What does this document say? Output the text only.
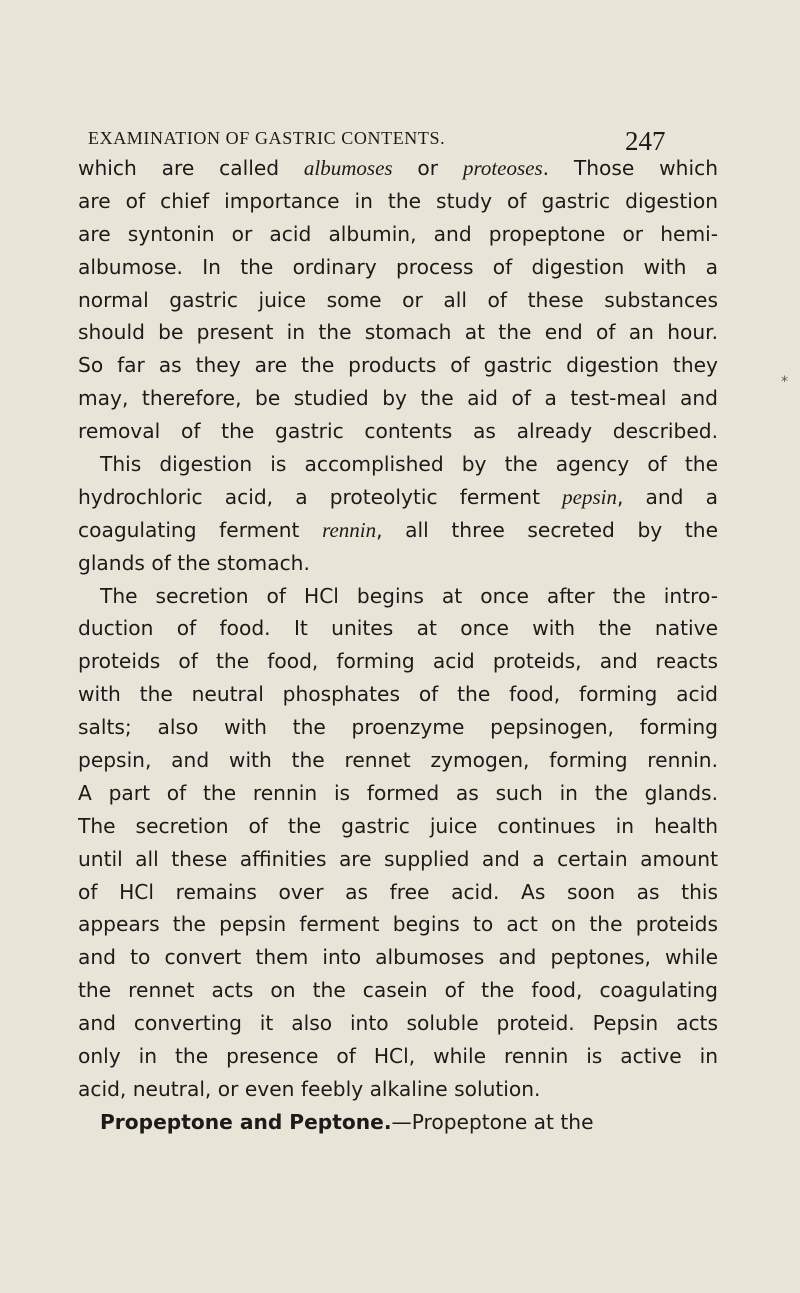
EXAMINATION OF GASTRIC CONTENTS.	247
which are called albumoses or proteoses. Those which
are of chief importance in the study of gastric digestion
are syntonin or acid albumin, and propeptone or hemi-
albumose. In the ordinary process of digestion with a
normal gastric juice some or all of these substances
should be present in the stomach at the end of an hour.
So far as they are the products of gastric digestion they
may, therefore, be studied by the aid of a test-meal and
removal of the gastric contents as already described.
This digestion is accomplished by the agency of the
hydrochloric acid, a proteolytic ferment pepsin, and a
coagulating ferment rennin, all three secreted by the
glands of the stomach.
The secretion of HCl begins at once after the intro-
duction of food. It unites at once with the native
proteids of the food, forming acid proteids, and reacts
with the neutral phosphates of the food, forming acid
salts; also with the proenzyme pepsinogen, forming
pepsin, and with the rennet zymogen, forming rennin.
A part of the rennin is formed as such in the glands.
The secretion of the gastric juice continues in health
until all these affinities are supplied and a certain amount
of HCl remains over as free acid. As soon as this
appears the pepsin ferment begins to act on the proteids
and to convert them into albumoses and peptones, while
the rennet acts on the casein of the food, coagulating
and converting it also into soluble proteid. Pepsin acts
only in the presence of HCl, while rennin is active in
acid, neutral, or even feebly alkaline solution.
Propeptone and Peptone.—Propeptone at the
*
